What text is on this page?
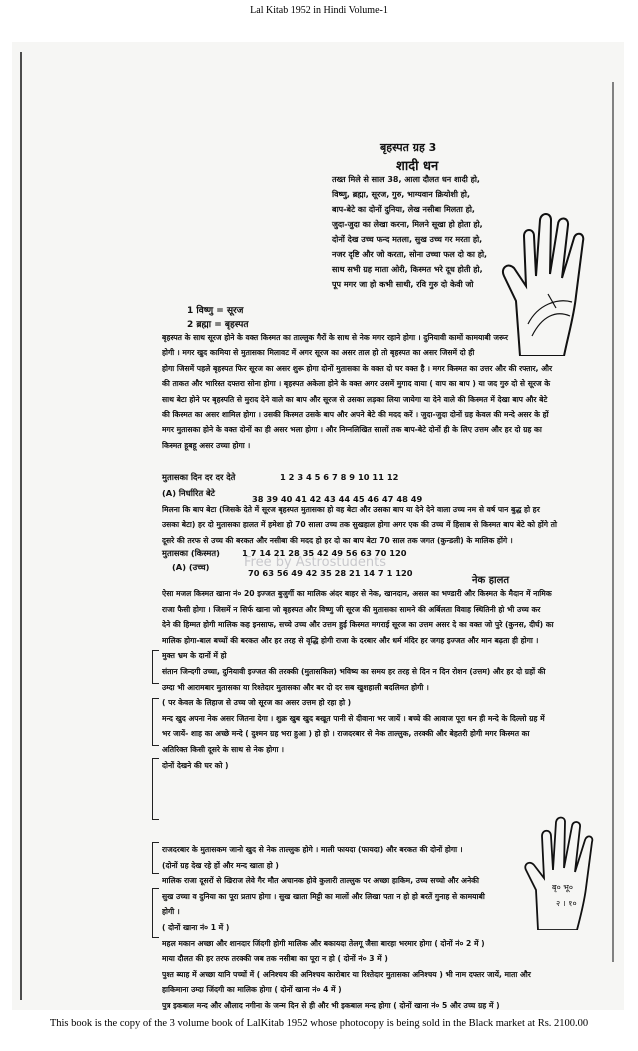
Lal Kitab 1952 in Hindi Volume-1
बृहस्पत ग्रह 3
शादी धन
तख्त मिले से साल 38, आला दौलत धन शादी हो,
विष्णु, ब्रह्मा, सूरज, गुरु, भाग्यवान क्रियोशी हो,
बाप-बेटे का दोनों दुनिया, लेख नसीबा मिलता हो,
जुदा-जुदा का लेखा करना, मिलने सूखा हो होता हो,
दोनों देख उच्च फन्द मतला, सुख उच्च गर मरता हो,
नजर दृष्टि और जो करता, सोना उच्चा फल दो का हो,
साथ सभी ग्रह माता ओरी, किस्मत भरे दूध होती हो,
पूप मगर जा हो कभी साथी, रवि गुरु दो केवी जो
1 विष्णु = सूरज
2 ब्रह्मा = बृहस्पत
बृहस्पत के साथ सूरज होने के वक्त किस्मत का ताल्लुक गैरों के साथ से नेक मगर रहाने होगा । दुनियावी कामों कामयाबी जरूर
होगी । मगर खुद कामिया से मुतासका मिलावट में अगर सूरज का असर ताल हो तो बृहस्पत का असर जिसमें दो ही
होगा जिसमें पहले बृहस्पत फिर सूरज का असर शुरू होगा दोनों मुतासका के वक्त दो घर वक्त है । मगर किस्मत का उत्तर और की रफ्तार, और
की ताकत और भारिस्त दफ्तरा सोना होगा । बृहस्पत अकेला होने के वक्त अगर उसमें मुगाद वाया ( वाप का बाप ) या जद गुरु दो से सूरज के
साथ बेटा होने पर बृहस्पति से मुराद देने वाले का बाप और सूरज से उसका लड़का लिया जायेगा या देने वाले की किस्मत में देखा बाप और बेटे
की किस्मत का असर शामिल होगा । उसकी किस्मत उसके बाप और अपने बेटे की मदद करें । जुदा-जुदा दोनों ग्रह केवल की मन्दे असर के हों
मगर मुतासका होने के वक्त दोनों का ही असर भला होगा । और निम्नलिखित सालों तक बाप-बेटे दोनों ही के लिए उत्तम और हर दो ग्रह का
किस्मत हूबहू असर उच्चा होगा ।
मुतासका दिन दर दर देते	1 2 3 4 5 6 7 8 9 10 11 12
(A) निर्धारित बेटे
38 39 40 41 42 43 44 45 46 47 48 49
मिलना कि बाप बेटा (जिसके देते में सूरज बृहस्पत मुतासका हो वह बेटा और उसका बाप या देने देने वाला उच्च नम से वर्ष पान बुद्ध हो हर
उसका बेटा) हर दो मुतासका हालत में हमेशा हो 70 साला उच्च तक सुखहाल होगा अगर एक की उच्च में हिसाब से किस्मत बाप बेटे को होंगे तो
दूसरे की तरफ से उच्च की बरकत और नसीबा की मदद हो हर दो का बाप बेटा 70 साल तक जगत (कुन्डली) के मालिक होंगे ।
मुतासका (किस्मत)	1 7 14 21 28 35 42 49 56 63 70 120
(A) (उच्च)
70 63 56 49 42 35 28 21 14 7 1 120
Free by Astrostudents
नेक हालत
ऐसा मजल किस्मत खाना नं० 20 इज्जत बुजुर्गी का मालिक अंदर बाहर से नेक, खानदान, असल का भण्डारी और किस्मत के मैदान में नामिक
राजा फैसी होगा । जिसमें न सिर्फ खाना जो बृहस्पत और विष्णु जी सूरज की मुतासका सामने की अर्बिलता विवाह स्थितिनी हो भी उच्च कर
देने की हिम्मत होगी मालिक कह इनसाफ, सच्चे उच्च और उत्तम हुई किस्मत मगराई सूरज का उत्तम असर दे का वक्त जो पुरे (कुनस, दीर्घ) का
मालिक होगा-बाल बच्चों की बरकत और हर तरह से वृद्धि होगी राजा के दरबार और धर्म मंदिर हर जगह इज्जत और मान बढ़ता ही होगा ।
मुक्त भ्रम के दानों में हो
संतान जिन्दगी उच्चा, दुनियावी इज्जत की तरक्की (मुतासकिल) भविष्य का समय हर तरह से दिन न दिन रोशन (उत्तम) और हर दो ग्रहों की
उम्दा भी आरामबार मुतासका या रिश्तेदार मुतासका और बर दो दर सब खुशहाली बदलिमत होगी ।
( पर केवल के लिहाज से उच्च जो सूरज का असर उत्तम हो रहा हो )
मन्द खुद अपना नेक असर जितना देगा । शुक्र खुब खुद बखूत पानी से दीवाना भर जायें । बच्चे की आवाज पूरा धन ही मन्दे के दिल्लो ग्रह में
भर जायें- शाह का अच्छे मन्दे ( दुश्मन ग्रह भरा हुआ ) हो हो । राजदरबार से नेक ताल्लुक, तरक्की और बेहतरी होगी मगर किस्मत का
अतिरिक्त किसी दूसरे के साथ से नेक होगा ।
दोनों देखने की घर को )
राजदरबार के मुतासकम जानो खुद से नेक ताल्लुक होगे । माली फायदा (फायदा) और बरकत की दोनों होगा ।
(दोनों ग्रह देख रहे हों और मन्द खाता हो )
मालिक राजा दूसरों से खिराज लेवे गैर मौत अचानक होवे कुलारी ताल्लुक पर अच्छा हाकिम, उच्च सच्चो और अनेकी
सुख उच्चा व दुनिया का पूरा प्रताप होगा । सुख खाता मिट्टी का मालों और लिखा पता न हो हो बरतें गुनाह से कामयाबी
होगी ।
( दोनों खाना नं० 1 में )
महल मकान अच्छा और शानदार जिंदगी होगी मालिक और बकायदा तेलगू जैसा बारहा भरमार होगा ( दोनों नं० 2 में )
माया दौलत की हर तरफ तरक्की जब तक नसीबा का पूरा न हो ( दोनों नं० 3 में )
पुश्त ब्याह में अच्छा यानि पच्चों में ( अनिश्चय की अनिश्चय कारोबार या रिश्तेदार मुतासका अनिश्चय ) भी नाम दफ्तर जायें, माता और
हाकिमाना उम्दा जिंदगी का मालिक होगा ( दोनों खाना नं० 4 में )
पुत्र इकबाल मन्द और औलाद नगीना के जन्म दिन से ही और भी इकबाल मन्द होगा ( दोनों खाना नं० 5 और उच्च ग्रह में )
बृ० भू०
२ । १०
This book is the copy of the 3 volume book of LalKitab 1952 whose photocopy is being sold in the Black market at Rs. 2100.00
